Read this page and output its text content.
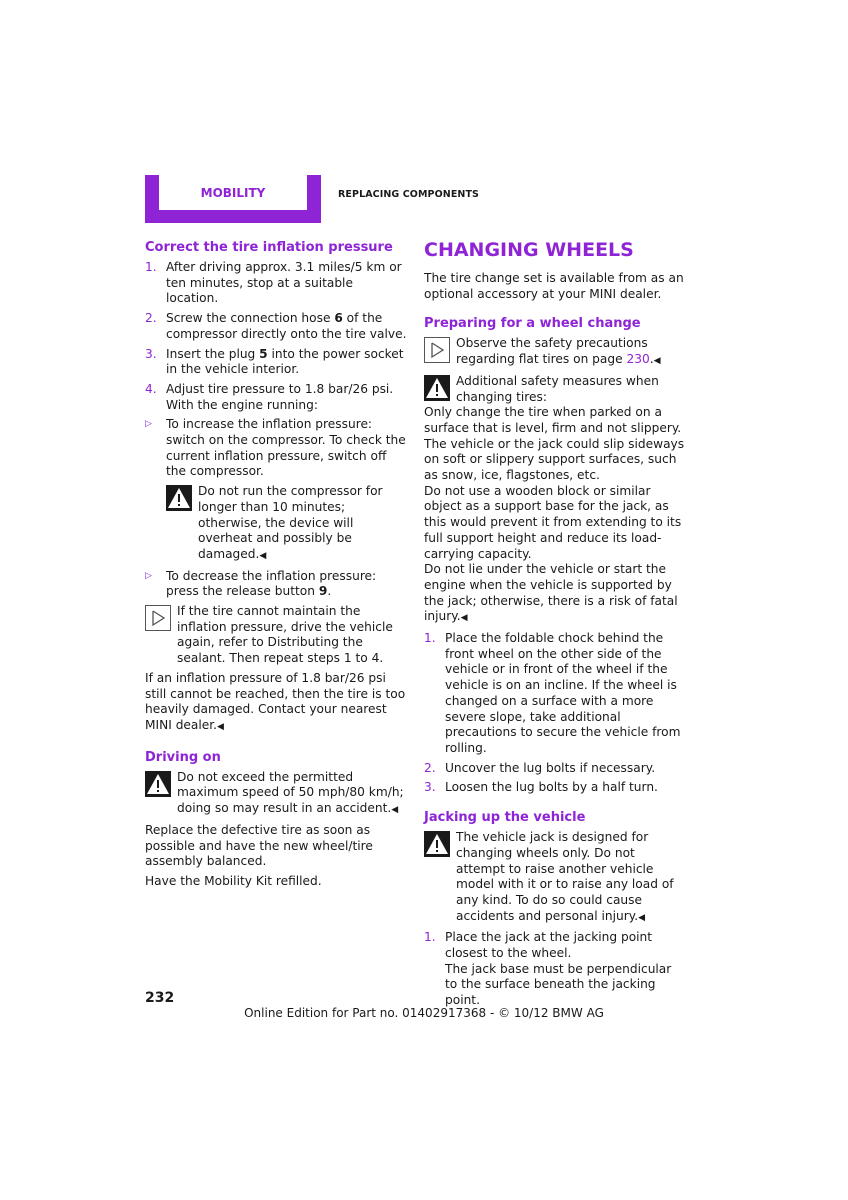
MOBILITY	REPLACING COMPONENTS
Correct the tire inflation pressure
1. After driving approx. 3.1 miles/5 km or ten minutes, stop at a suitable location.
2. Screw the connection hose 6 of the compressor directly onto the tire valve.
3. Insert the plug 5 into the power socket in the vehicle interior.
4. Adjust tire pressure to 1.8 bar/26 psi. With the engine running:
▷ To increase the inflation pressure: switch on the compressor. To check the current inflation pressure, switch off the compressor.
Do not run the compressor for longer than 10 minutes; otherwise, the device will overheat and possibly be damaged.◀
▷ To decrease the inflation pressure: press the release button 9.
If the tire cannot maintain the inflation pressure, drive the vehicle again, refer to Distributing the sealant. Then repeat steps 1 to 4.

If an inflation pressure of 1.8 bar/26 psi still cannot be reached, then the tire is too heavily damaged. Contact your nearest MINI dealer.◀

Driving on
Do not exceed the permitted maximum speed of 50 mph/80 km/h; doing so may result in an accident.◀

Replace the defective tire as soon as possible and have the new wheel/tire assembly balanced.

Have the Mobility Kit refilled.

CHANGING WHEELS

The tire change set is available from as an optional accessory at your MINI dealer.

Preparing for a wheel change
Observe the safety precautions regarding flat tires on page 230.◀
Additional safety measures when changing tires:

Only change the tire when parked on a surface that is level, firm and not slippery.

The vehicle or the jack could slip sideways on soft or slippery support surfaces, such as snow, ice, flagstones, etc.

Do not use a wooden block or similar object as a support base for the jack, as this would prevent it from extending to its full support height and reduce its load-carrying capacity.

Do not lie under the vehicle or start the engine when the vehicle is supported by the jack; otherwise, there is a risk of fatal injury.◀

1. Place the foldable chock behind the front wheel on the other side of the vehicle or in front of the wheel if the vehicle is on an incline. If the wheel is changed on a surface with a more severe slope, take additional precautions to secure the vehicle from rolling.
2. Uncover the lug bolts if necessary.
3. Loosen the lug bolts by a half turn.
Jacking up the vehicle
The vehicle jack is designed for changing wheels only. Do not attempt to raise another vehicle model with it or to raise any load of any kind. To do so could cause accidents and personal injury.◀
1. Place the jack at the jacking point closest to the wheel.
The jack base must be perpendicular to the surface beneath the jacking point.
232
Online Edition for Part no. 01402917368 - © 10/12 BMW AG
